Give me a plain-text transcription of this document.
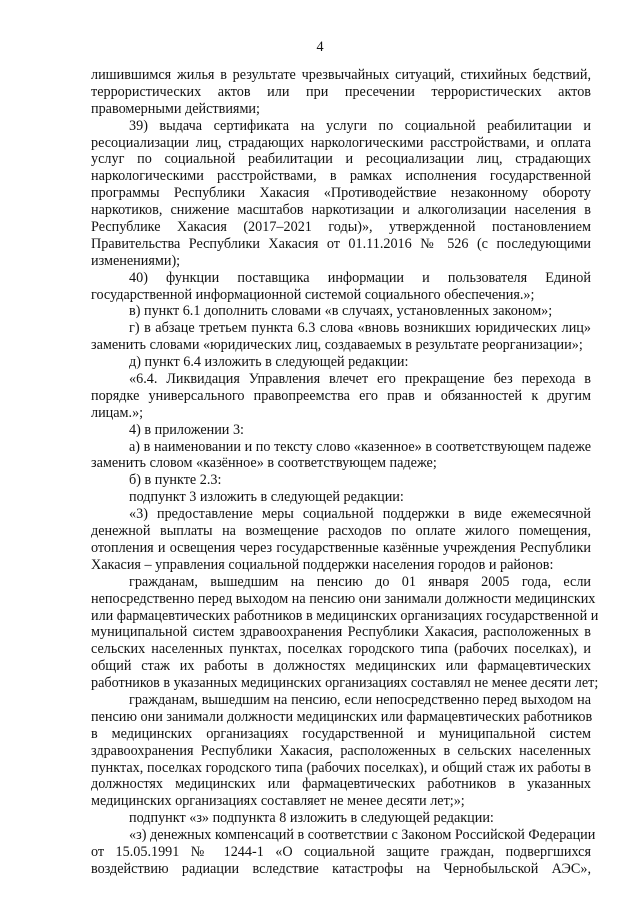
4
лишившимся жилья в результате чрезвычайных ситуаций, стихийных бедствий,
террористических актов или при пресечении террористических актов
правомерными действиями;
39) выдача сертификата на услуги по социальной реабилитации и
ресоциализации лиц, страдающих наркологическими расстройствами, и оплата
услуг по социальной реабилитации и ресоциализации лиц, страдающих
наркологическими расстройствами, в рамках исполнения государственной
программы Республики Хакасия «Противодействие незаконному обороту
наркотиков, снижение масштабов наркотизации и алкоголизации населения в
Республике Хакасия (2017–2021 годы)», утвержденной постановлением
Правительства Республики Хакасия от 01.11.2016 № 526 (с последующими
изменениями);
40) функции поставщика информации и пользователя Единой
государственной информационной системой социального обеспечения.»;
в) пункт 6.1 дополнить словами «в случаях, установленных законом»;
г) в абзаце третьем пункта 6.3 слова «вновь возникших юридических лиц»
заменить словами «юридических лиц, создаваемых в результате реорганизации»;
д) пункт 6.4 изложить в следующей редакции:
«6.4. Ликвидация Управления влечет его прекращение без перехода в
порядке универсального правопреемства его прав и обязанностей к другим
лицам.»;
4) в приложении 3:
а) в наименовании и по тексту слово «казенное» в соответствующем падеже
заменить словом «казённое» в соответствующем падеже;
б) в пункте 2.3:
подпункт 3 изложить в следующей редакции:
«3) предоставление меры социальной поддержки в виде ежемесячной
денежной выплаты на возмещение расходов по оплате жилого помещения,
отопления и освещения через государственные казённые учреждения Республики
Хакасия – управления социальной поддержки населения городов и районов:
гражданам, вышедшим на пенсию до 01 января 2005 года, если
непосредственно перед выходом на пенсию они занимали должности медицинских
или фармацевтических работников в медицинских организациях государственной и
муниципальной систем здравоохранения Республики Хакасия, расположенных в
сельских населенных пунктах, поселках городского типа (рабочих поселках), и
общий стаж их работы в должностях медицинских или фармацевтических
работников в указанных медицинских организациях составлял не менее десяти лет;
гражданам, вышедшим на пенсию, если непосредственно перед выходом на
пенсию они занимали должности медицинских или фармацевтических работников
в медицинских организациях государственной и муниципальной систем
здравоохранения Республики Хакасия, расположенных в сельских населенных
пунктах, поселках городского типа (рабочих поселках), и общий стаж их работы в
должностях медицинских или фармацевтических работников в указанных
медицинских организациях составляет не менее десяти лет;»;
подпункт «з» подпункта 8 изложить в следующей редакции:
«з) денежных компенсаций в соответствии с Законом Российской Федерации
от 15.05.1991 № 1244-1 «О социальной защите граждан, подвергшихся
воздействию радиации вследствие катастрофы на Чернобыльской АЭС»,
